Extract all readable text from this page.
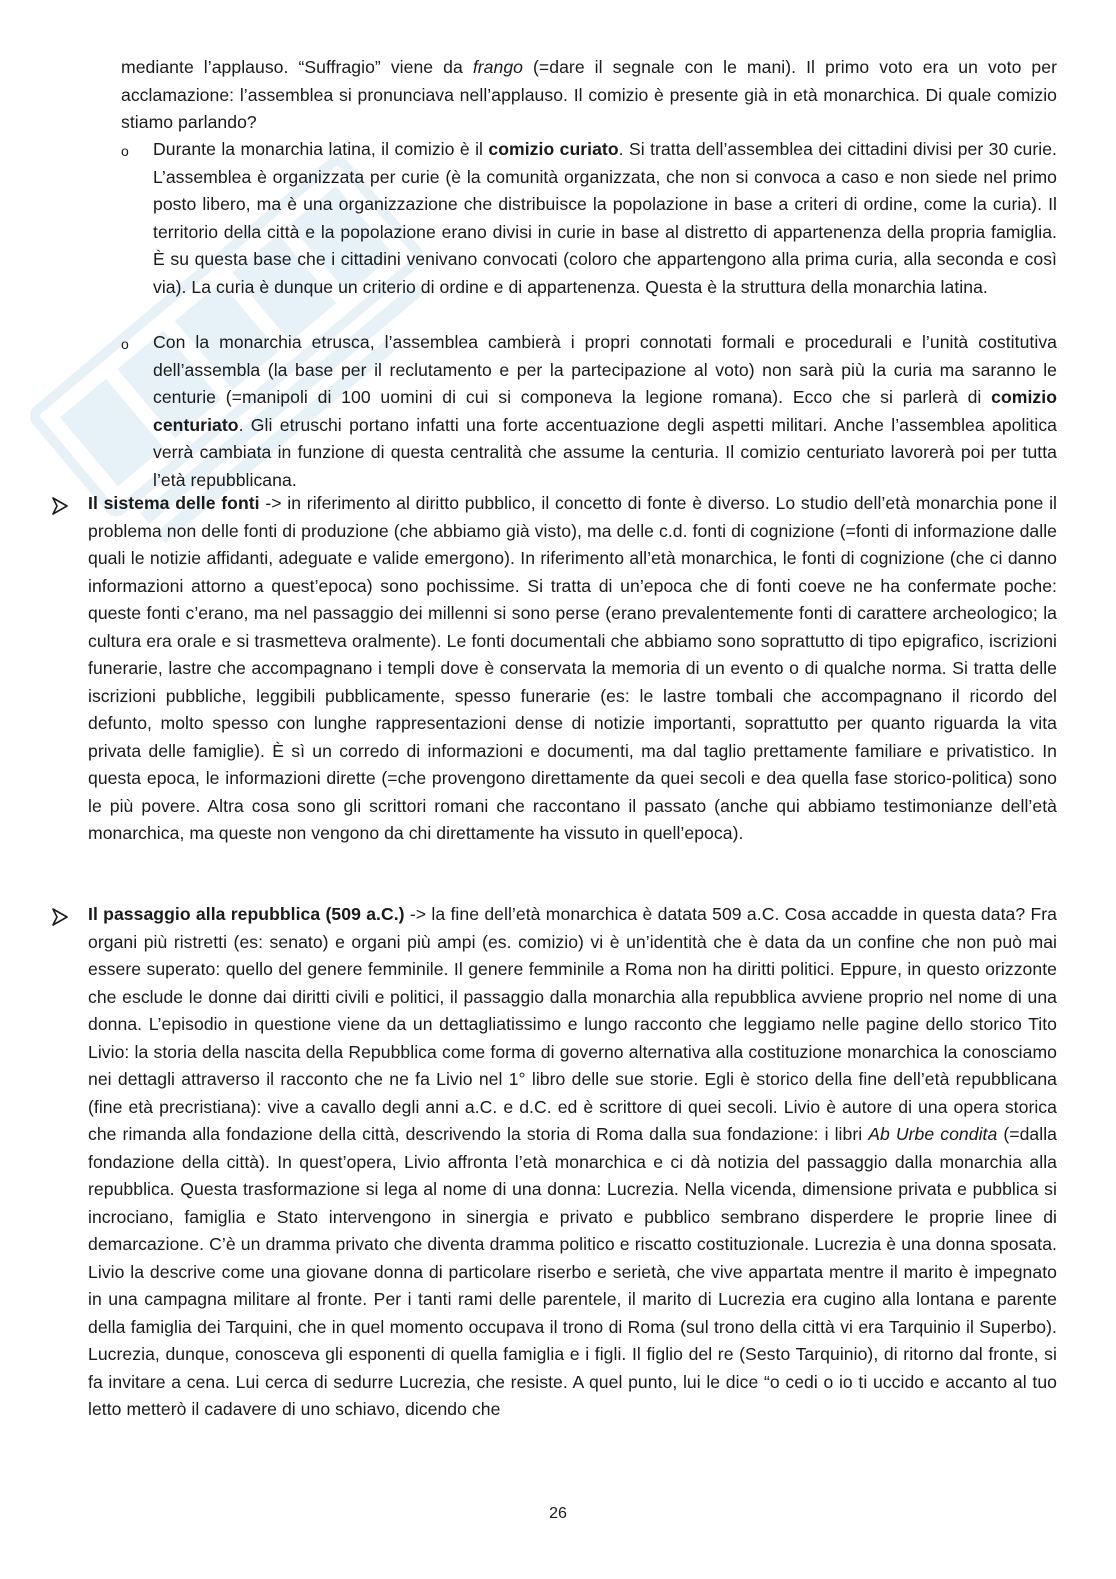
mediante l’applauso. “Suffragio” viene da frango (=dare il segnale con le mani). Il primo voto era un voto per acclamazione: l’assemblea si pronunciava nell’applauso. Il comizio è presente già in età monarchica. Di quale comizio stiamo parlando?

o Durante la monarchia latina, il comizio è il comizio curiato. Si tratta dell’assemblea dei cittadini divisi per 30 curie. L’assemblea è organizzata per curie (è la comunità organizzata, che non si convoca a caso e non siede nel primo posto libero, ma è una organizzazione che distribuisce la popolazione in base a criteri di ordine, come la curia). Il territorio della città e la popolazione erano divisi in curie in base al distretto di appartenenza della propria famiglia. È su questa base che i cittadini venivano convocati (coloro che appartengono alla prima curia, alla seconda e così via). La curia è dunque un criterio di ordine e di appartenenza. Questa è la struttura della monarchia latina.

o Con la monarchia etrusca, l’assemblea cambierà i propri connotati formali e procedurali e l’unità costitutiva dell’assembla (la base per il reclutamento e per la partecipazione al voto) non sarà più la curia ma saranno le centurie (=manipoli di 100 uomini di cui si componeva la legione romana). Ecco che si parlerà di comizio centuriato. Gli etruschi portano infatti una forte accentuazione degli aspetti militari. Anche l’assemblea apolitica verrà cambiata in funzione di questa centralità che assume la centuria. Il comizio centuriato lavorerà poi per tutta l’età repubblicana.

Il sistema delle fonti -> in riferimento al diritto pubblico, il concetto di fonte è diverso. Lo studio dell’età monarchia pone il problema non delle fonti di produzione (che abbiamo già visto), ma delle c.d. fonti di cognizione (=fonti di informazione dalle quali le notizie affidanti, adeguate e valide emergono). In riferimento all’età monarchica, le fonti di cognizione (che ci danno informazioni attorno a quest’epoca) sono pochissime. Si tratta di un’epoca che di fonti coeve ne ha confermate poche: queste fonti c’erano, ma nel passaggio dei millenni si sono perse (erano prevalentemente fonti di carattere archeologico; la cultura era orale e si trasmetteva oralmente). Le fonti documentali che abbiamo sono soprattutto di tipo epigrafico, iscrizioni funerarie, lastre che accompagnano i templi dove è conservata la memoria di un evento o di qualche norma. Si tratta delle iscrizioni pubbliche, leggibili pubblicamente, spesso funerarie (es: le lastre tombali che accompagnano il ricordo del defunto, molto spesso con lunghe rappresentazioni dense di notizie importanti, soprattutto per quanto riguarda la vita privata delle famiglie). È sì un corredo di informazioni e documenti, ma dal taglio prettamente familiare e privatistico. In questa epoca, le informazioni dirette (=che provengono direttamente da quei secoli e dea quella fase storico-politica) sono le più povere. Altra cosa sono gli scrittori romani che raccontano il passato (anche qui abbiamo testimonianze dell’età monarchica, ma queste non vengono da chi direttamente ha vissuto in quell’epoca).

Il passaggio alla repubblica (509 a.C.) -> la fine dell’età monarchica è datata 509 a.C. Cosa accadde in questa data? Fra organi più ristretti (es: senato) e organi più ampi (es. comizio) vi è un’identità che è data da un confine che non può mai essere superato: quello del genere femminile. Il genere femminile a Roma non ha diritti politici. Eppure, in questo orizzonte che esclude le donne dai diritti civili e politici, il passaggio dalla monarchia alla repubblica avviene proprio nel nome di una donna. L’episodio in questione viene da un dettagliatissimo e lungo racconto che leggiamo nelle pagine dello storico Tito Livio: la storia della nascita della Repubblica come forma di governo alternativa alla costituzione monarchica la conosciamo nei dettagli attraverso il racconto che ne fa Livio nel 1° libro delle sue storie. Egli è storico della fine dell’età repubblicana (fine età precristiana): vive a cavallo degli anni a.C. e d.C. ed è scrittore di quei secoli. Livio è autore di una opera storica che rimanda alla fondazione della città, descrivendo la storia di Roma dalla sua fondazione: i libri Ab Urbe condita (=dalla fondazione della città). In quest’opera, Livio affronta l’età monarchica e ci dà notizia del passaggio dalla monarchia alla repubblica. Questa trasformazione si lega al nome di una donna: Lucrezia. Nella vicenda, dimensione privata e pubblica si incrociano, famiglia e Stato intervengono in sinergia e privato e pubblico sembrano disperdere le proprie linee di demarcazione. C’è un dramma privato che diventa dramma politico e riscatto costituzionale. Lucrezia è una donna sposata. Livio la descrive come una giovane donna di particolare riserbo e serietà, che vive appartata mentre il marito è impegnato in una campagna militare al fronte. Per i tanti rami delle parentele, il marito di Lucrezia era cugino alla lontana e parente della famiglia dei Tarquini, che in quel momento occupava il trono di Roma (sul trono della città vi era Tarquinio il Superbo). Lucrezia, dunque, conosceva gli esponenti di quella famiglia e i figli. Il figlio del re (Sesto Tarquinio), di ritorno dal fronte, si fa invitare a cena. Lui cerca di sedurre Lucrezia, che resiste. A quel punto, lui le dice “o cedi o io ti uccido e accanto al tuo letto metterò il cadavere di uno schiavo, dicendo che

26
